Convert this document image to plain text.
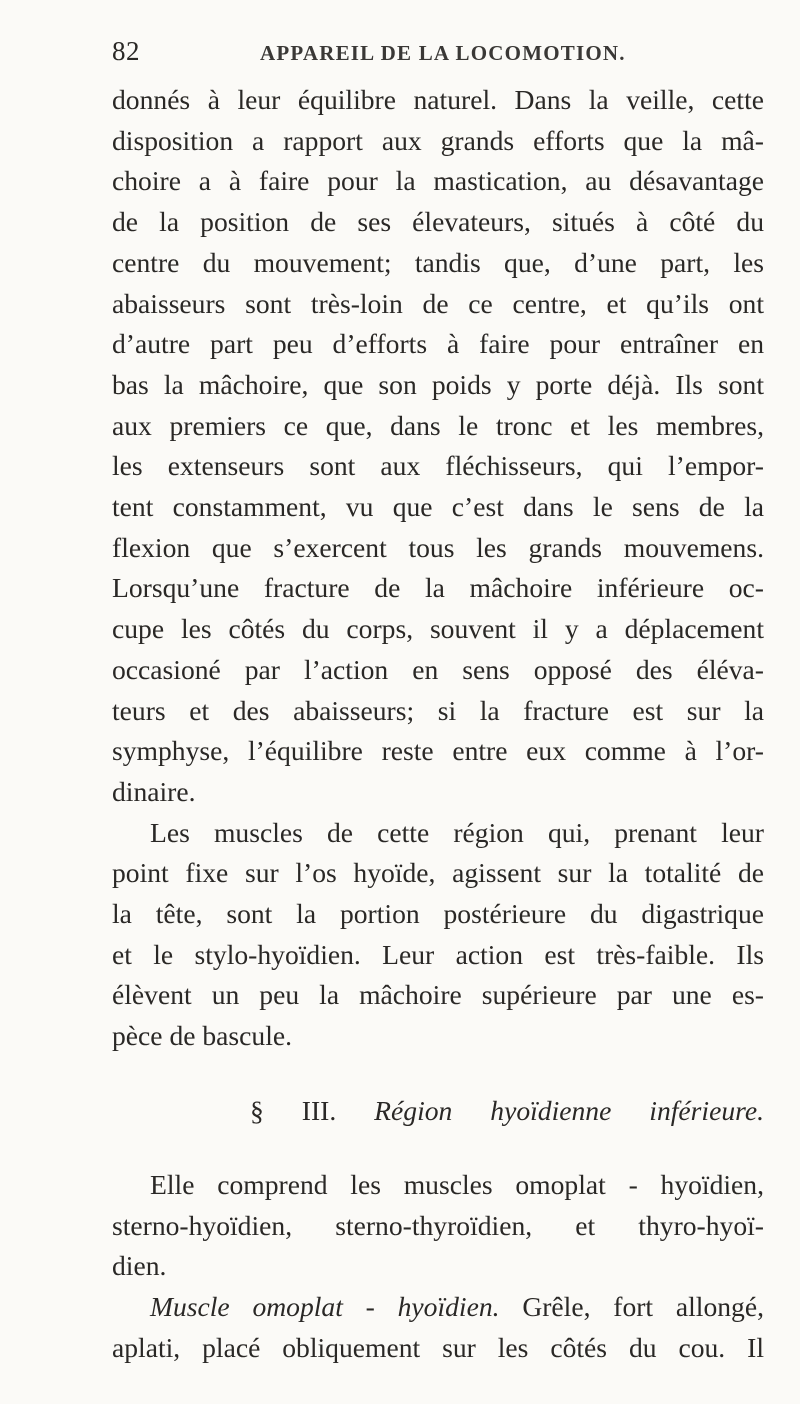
82	APPAREIL DE LA LOCOMOTION.
donnés à leur équilibre naturel. Dans la veille, cette
disposition a rapport aux grands efforts que la mâ-
choire a à faire pour la mastication, au désavantage
de la position de ses élevateurs, situés à côté du
centre du mouvement; tandis que, d’une part, les
abaisseurs sont très-loin de ce centre, et qu’ils ont
d’autre part peu d’efforts à faire pour entraîner en
bas la mâchoire, que son poids y porte déjà. Ils sont
aux premiers ce que, dans le tronc et les membres,
les extenseurs sont aux fléchisseurs, qui l’empor-
tent constamment, vu que c’est dans le sens de la
flexion que s’exercent tous les grands mouvemens.
Lorsqu’une fracture de la mâchoire inférieure oc-
cupe les côtés du corps, souvent il y a déplacement
occasioné par l’action en sens opposé des éléva-
teurs et des abaisseurs; si la fracture est sur la
symphyse, l’équilibre reste entre eux comme à l’or-
dinaire.
Les muscles de cette région qui, prenant leur
point fixe sur l’os hyoïde, agissent sur la totalité de
la tête, sont la portion postérieure du digastrique
et le stylo-hyoïdien. Leur action est très-faible. Ils
élèvent un peu la mâchoire supérieure par une es-
pèce de bascule.
§ III. Région hyoïdienne inférieure.
Elle comprend les muscles omoplat - hyoïdien,
sterno-hyoïdien, sterno-thyroïdien, et thyro-hyoï-
dien.
Muscle omoplat - hyoïdien. Grêle, fort allongé,
aplati, placé obliquement sur les côtés du cou. Il
